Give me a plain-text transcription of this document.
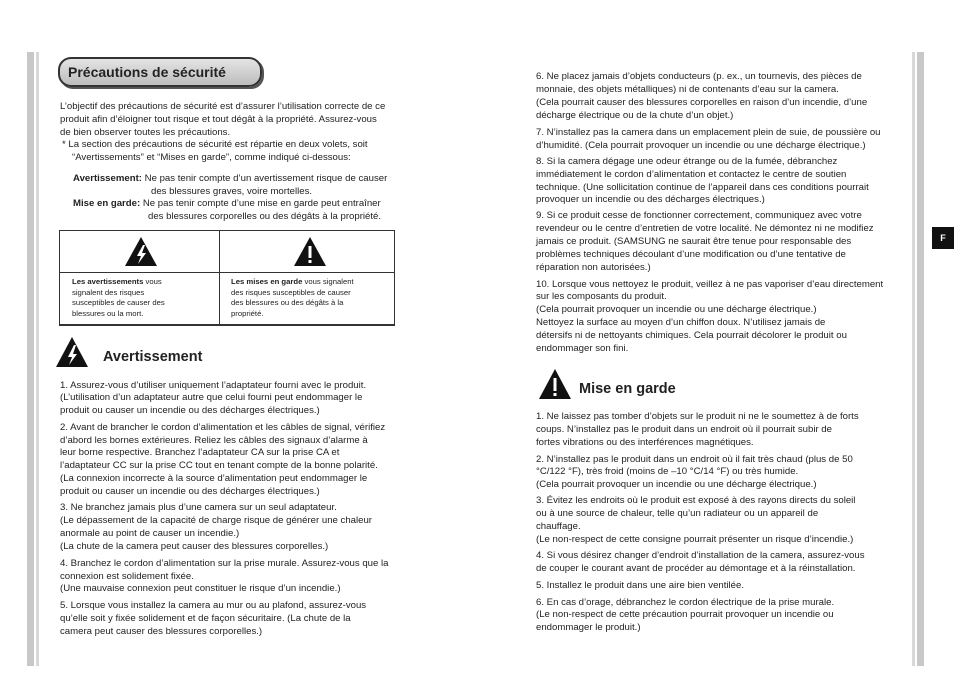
F
Précautions de sécurité
L’objectif des précautions de sécurité est d’assurer l’utilisation correcte de ce
produit afin d’éloigner tout risque et tout dégât à la propriété. Assurez-vous
de bien observer toutes les précautions.
* La section des précautions de sécurité est répartie en deux volets, soit
“Avertissements” et “Mises en garde”, comme indiqué ci-dessous:
Avertissement: Ne pas tenir compte d’un avertissement risque de causer
des blessures graves, voire mortelles.
Mise en garde: Ne pas tenir compte d’une mise en garde peut entraîner
des blessures corporelles ou des dégâts à la propriété.
Les avertissements vous
signalent des risques
susceptibles de causer des
blessures ou la mort.
Les mises en garde vous signalent
des risques susceptibles de causer
des blessures ou des dégâts à la
propriété.
Avertissement
1. Assurez-vous d’utiliser uniquement l’adaptateur fourni avec le produit.
(L’utilisation d’un adaptateur autre que celui fourni peut endommager le
produit ou causer un incendie ou des décharges électriques.)
2. Avant de brancher le cordon d’alimentation et les câbles de signal, vérifiez
d’abord les bornes extérieures. Reliez les câbles des signaux d’alarme à
leur borne respective. Branchez l’adaptateur CA sur la prise CA et
l’adaptateur CC sur la prise CC tout en tenant compte de la bonne polarité.
(La connexion incorrecte à la source d’alimentation peut endommager le
produit ou causer un incendie ou des décharges électriques.)
3. Ne branchez jamais plus d’une camera sur un seul adaptateur.
(Le dépassement de la capacité de charge risque de générer une chaleur
anormale au point de causer un incendie.)
(La chute de la camera peut causer des blessures corporelles.)
4. Branchez le cordon d’alimentation sur la prise murale. Assurez-vous que la
connexion est solidement fixée.
(Une mauvaise connexion peut constituer le risque d’un incendie.)
5. Lorsque vous installez la camera au mur ou au plafond, assurez-vous
qu’elle soit y fixée solidement et de façon sécuritaire. (La chute de la
camera peut causer des blessures corporelles.)
6. Ne placez jamais d’objets conducteurs (p. ex., un tournevis, des pièces de
monnaie, des objets métalliques) ni de contenants d’eau sur la camera.
(Cela pourrait causer des blessures corporelles en raison d’un incendie, d’une
décharge électrique ou de la chute d’un objet.)
7. N’installez pas la camera dans un emplacement plein de suie, de poussière ou
d’humidité. (Cela pourrait provoquer un incendie ou une décharge électrique.)
8. Si la camera dégage une odeur étrange ou de la fumée, débranchez
immédiatement le cordon d’alimentation et contactez le centre de soutien
technique. (Une sollicitation continue de l’appareil dans ces conditions pourrait
provoquer un incendie ou des décharges électriques.)
9. Si ce produit cesse de fonctionner correctement, communiquez avec votre
revendeur ou le centre d’entretien de votre localité. Ne démontez ni ne modifiez
jamais ce produit. (SAMSUNG ne saurait être tenue pour responsable des
problèmes techniques découlant d’une modification ou d’une tentative de
réparation non autorisées.)
10. Lorsque vous nettoyez le produit, veillez à ne pas vaporiser d’eau directement
sur les composants du produit.
(Cela pourrait provoquer un incendie ou une décharge électrique.)
Nettoyez la surface au moyen d’un chiffon doux. N’utilisez jamais de
détersifs ni de nettoyants chimiques. Cela pourrait décolorer le produit ou
endommager son fini.
Mise en garde
1. Ne laissez pas tomber d’objets sur le produit ni ne le soumettez à de forts
coups. N’installez pas le produit dans un endroit où il pourrait subir de
fortes vibrations ou des interférences magnétiques.
2. N’installez pas le produit dans un endroit où il fait très chaud (plus de 50
°C/122 °F), très froid (moins de –10 °C/14 °F) ou très humide.
(Cela pourrait provoquer un incendie ou une décharge électrique.)
3. Évitez les endroits où le produit est exposé à des rayons directs du soleil
ou à une source de chaleur, telle qu’un radiateur ou un appareil de
chauffage.
(Le non-respect de cette consigne pourrait présenter un risque d’incendie.)
4. Si vous désirez changer d’endroit d’installation de la camera, assurez-vous
de couper le courant avant de procéder au démontage et à la réinstallation.
5. Installez le produit dans une aire bien ventilée.
6. En cas d’orage, débranchez le cordon électrique de la prise murale.
(Le non-respect de cette précaution pourrait provoquer un incendie ou
endommager le produit.)
